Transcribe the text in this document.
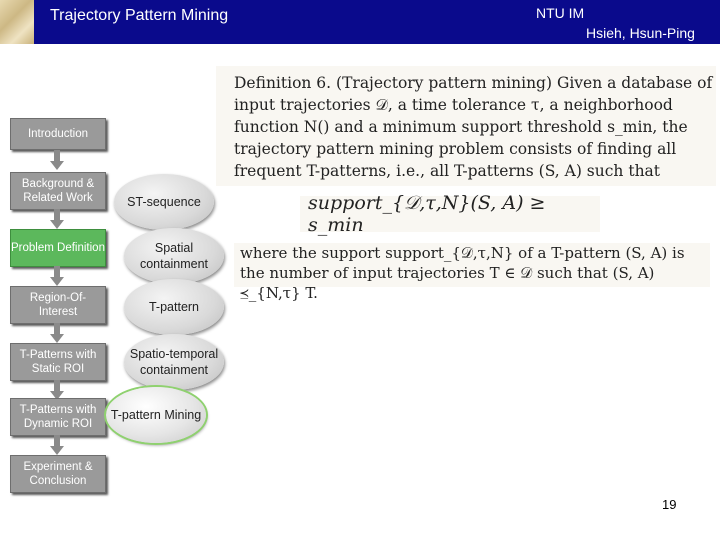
Trajectory Pattern Mining	NTU IM
Hsieh, Hsun-Ping
Introduction
Background & Related Work
Problem Definition
Region-Of-Interest
T-Patterns with Static ROI
T-Patterns with Dynamic ROI
Experiment & Conclusion
ST-sequence
Spatial containment
T-pattern
Spatio-temporal containment
T-pattern Mining
Definition 6. (Trajectory pattern mining) Given a database of input trajectories 𝒟, a time tolerance τ, a neighborhood function N() and a minimum support threshold s_min, the trajectory pattern mining problem consists of finding all frequent T-patterns, i.e., all T-patterns (S, A) such that
support_{𝒟,τ,N}(S, A) ≥ s_min
where the support support_{𝒟,τ,N} of a T-pattern (S, A) is the number of input trajectories T ∈ 𝒟 such that (S, A) ⪯_{N,τ} T.
19
